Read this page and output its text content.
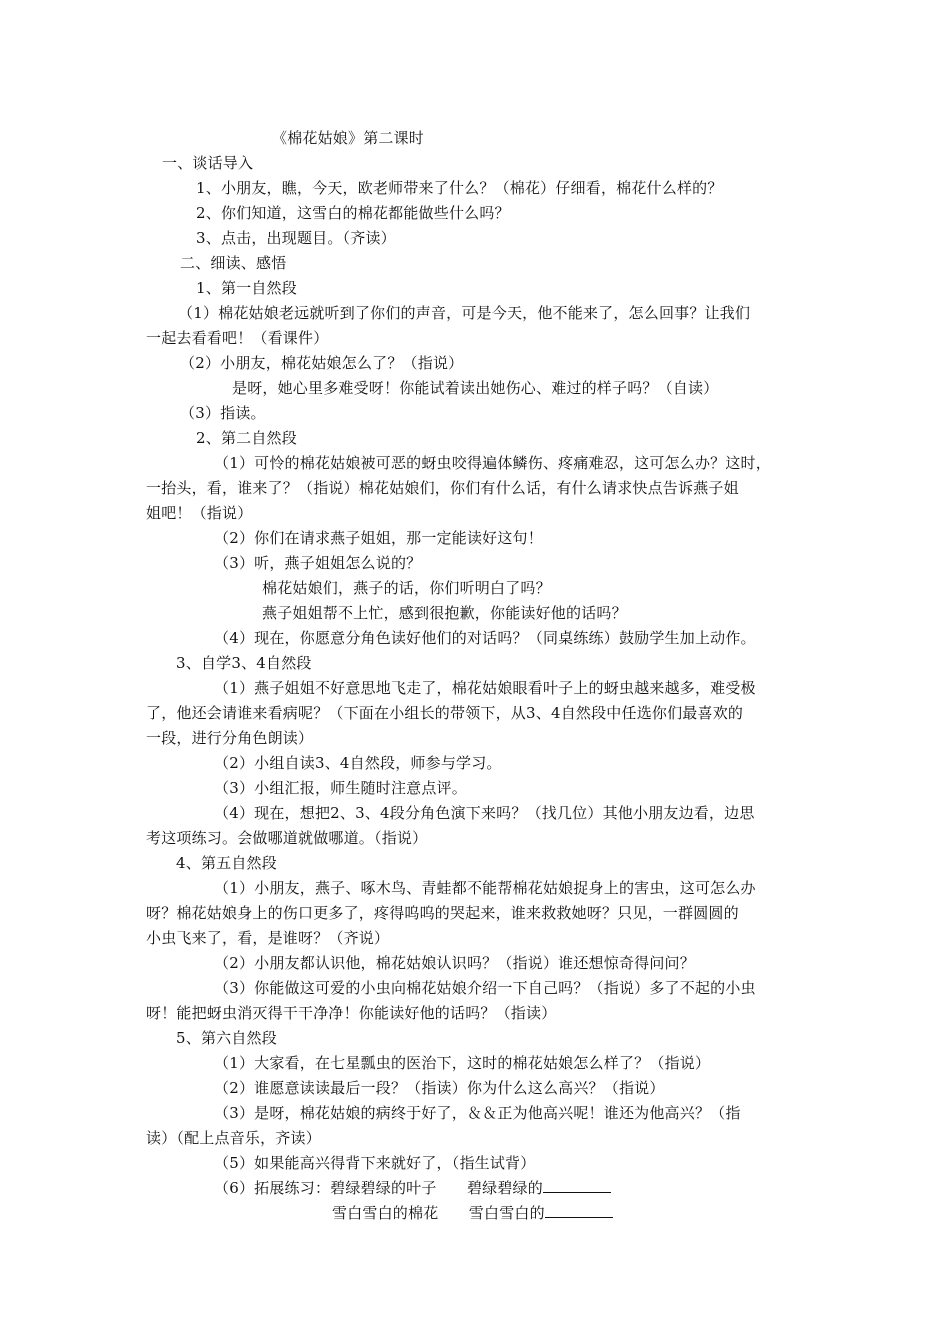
《棉花姑娘》第二课时
一、谈话导入
1、小朋友，瞧，今天，欧老师带来了什么？（棉花）仔细看，棉花什么样的？
2、你们知道，这雪白的棉花都能做些什么吗？
3、点击，出现题目。（齐读）
二、细读、感悟
1、第一自然段
（1）棉花姑娘老远就听到了你们的声音，可是今天，他不能来了，怎么回事？让我们
一起去看看吧！（看课件）
（2）小朋友，棉花姑娘怎么了？（指说）
是呀，她心里多难受呀！你能试着读出她伤心、难过的样子吗？（自读）
（3）指读。
2、第二自然段
（1）可怜的棉花姑娘被可恶的蚜虫咬得遍体鳞伤、疼痛难忍，这可怎么办？这时，
一抬头，看，谁来了？（指说）棉花姑娘们，你们有什么话，有什么请求快点告诉燕子姐
姐吧！（指说）
（2）你们在请求燕子姐姐，那一定能读好这句！
（3）听，燕子姐姐怎么说的？
棉花姑娘们，燕子的话，你们听明白了吗？
燕子姐姐帮不上忙，感到很抱歉，你能读好他的话吗？
（4）现在，你愿意分角色读好他们的对话吗？（同桌练练）鼓励学生加上动作。
3、自学3、4自然段
（1）燕子姐姐不好意思地飞走了，棉花姑娘眼看叶子上的蚜虫越来越多，难受极
了，他还会请谁来看病呢？（下面在小组长的带领下，从3、4自然段中任选你们最喜欢的
一段，进行分角色朗读）
（2）小组自读3、4自然段，师参与学习。
（3）小组汇报，师生随时注意点评。
（4）现在，想把2、3、4段分角色演下来吗？（找几位）其他小朋友边看，边思
考这项练习。会做哪道就做哪道。（指说）
4、第五自然段
（1）小朋友，燕子、啄木鸟、青蛙都不能帮棉花姑娘捉身上的害虫，这可怎么办
呀？棉花姑娘身上的伤口更多了，疼得呜呜的哭起来，谁来救救她呀？只见，一群圆圆的
小虫飞来了，看，是谁呀？（齐说）
（2）小朋友都认识他，棉花姑娘认识吗？（指说）谁还想惊奇得问问？
（3）你能做这可爱的小虫向棉花姑娘介绍一下自己吗？（指说）多了不起的小虫
呀！能把蚜虫消灭得干干净净！你能读好他的话吗？（指读）
5、第六自然段
（1）大家看，在七星瓢虫的医治下，这时的棉花姑娘怎么样了？（指说）
（2）谁愿意读读最后一段？（指读）你为什么这么高兴？（指说）
（3）是呀，棉花姑娘的病终于好了，＆＆正为他高兴呢！谁还为他高兴？（指
读）（配上点音乐，齐读）
（5）如果能高兴得背下来就好了，（指生试背）
（6）拓展练习：碧绿碧绿的叶子　　碧绿碧绿的
雪白雪白的棉花　　雪白雪白的
